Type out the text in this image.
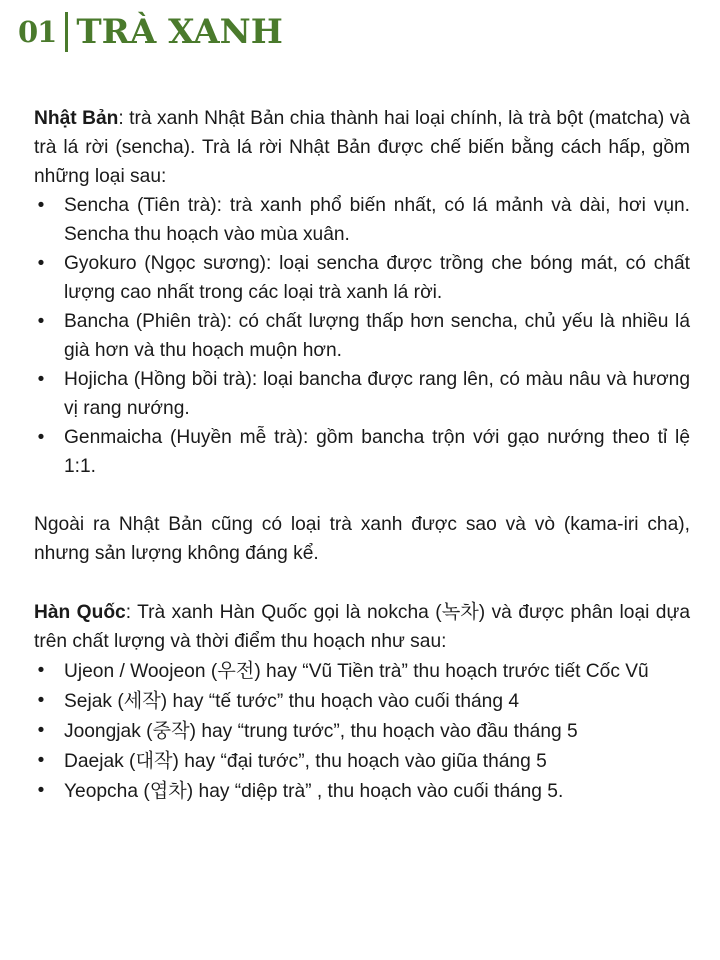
01 TRÀ XANH

Nhật Bản: trà xanh Nhật Bản chia thành hai loại chính, là trà bột (matcha) và trà lá rời (sencha). Trà lá rời Nhật Bản được chế biến bằng cách hấp, gồm những loại sau:

• Sencha (Tiên trà): trà xanh phổ biến nhất, có lá mảnh và dài, hơi vụn. Sencha thu hoạch vào mùa xuân.
• Gyokuro (Ngọc sương): loại sencha được trồng che bóng mát, có chất lượng cao nhất trong các loại trà xanh lá rời.
• Bancha (Phiên trà): có chất lượng thấp hơn sencha, chủ yếu là nhiều lá già hơn và thu hoạch muộn hơn.
• Hojicha (Hồng bồi trà): loại bancha được rang lên, có màu nâu và hương vị rang nướng.
• Genmaicha (Huyền mễ trà): gồm bancha trộn với gạo nướng theo tỉ lệ 1:1.

Ngoài ra Nhật Bản cũng có loại trà xanh được sao và vò (kama-iri cha), nhưng sản lượng không đáng kể.

Hàn Quốc: Trà xanh Hàn Quốc gọi là nokcha (녹차) và được phân loại dựa trên chất lượng và thời điểm thu hoạch như sau:

• Ujeon / Woojeon (우전) hay “Vũ Tiền trà” thu hoạch trước tiết Cốc Vũ
• Sejak (세작) hay “tế tước” thu hoạch vào cuối tháng 4
• Joongjak (중작) hay “trung tước”, thu hoạch vào đầu tháng 5
• Daejak (대작) hay “đại tước”, thu hoạch vào giũa tháng 5
• Yeopcha (엽차) hay “diệp trà” , thu hoạch vào cuối tháng 5.
